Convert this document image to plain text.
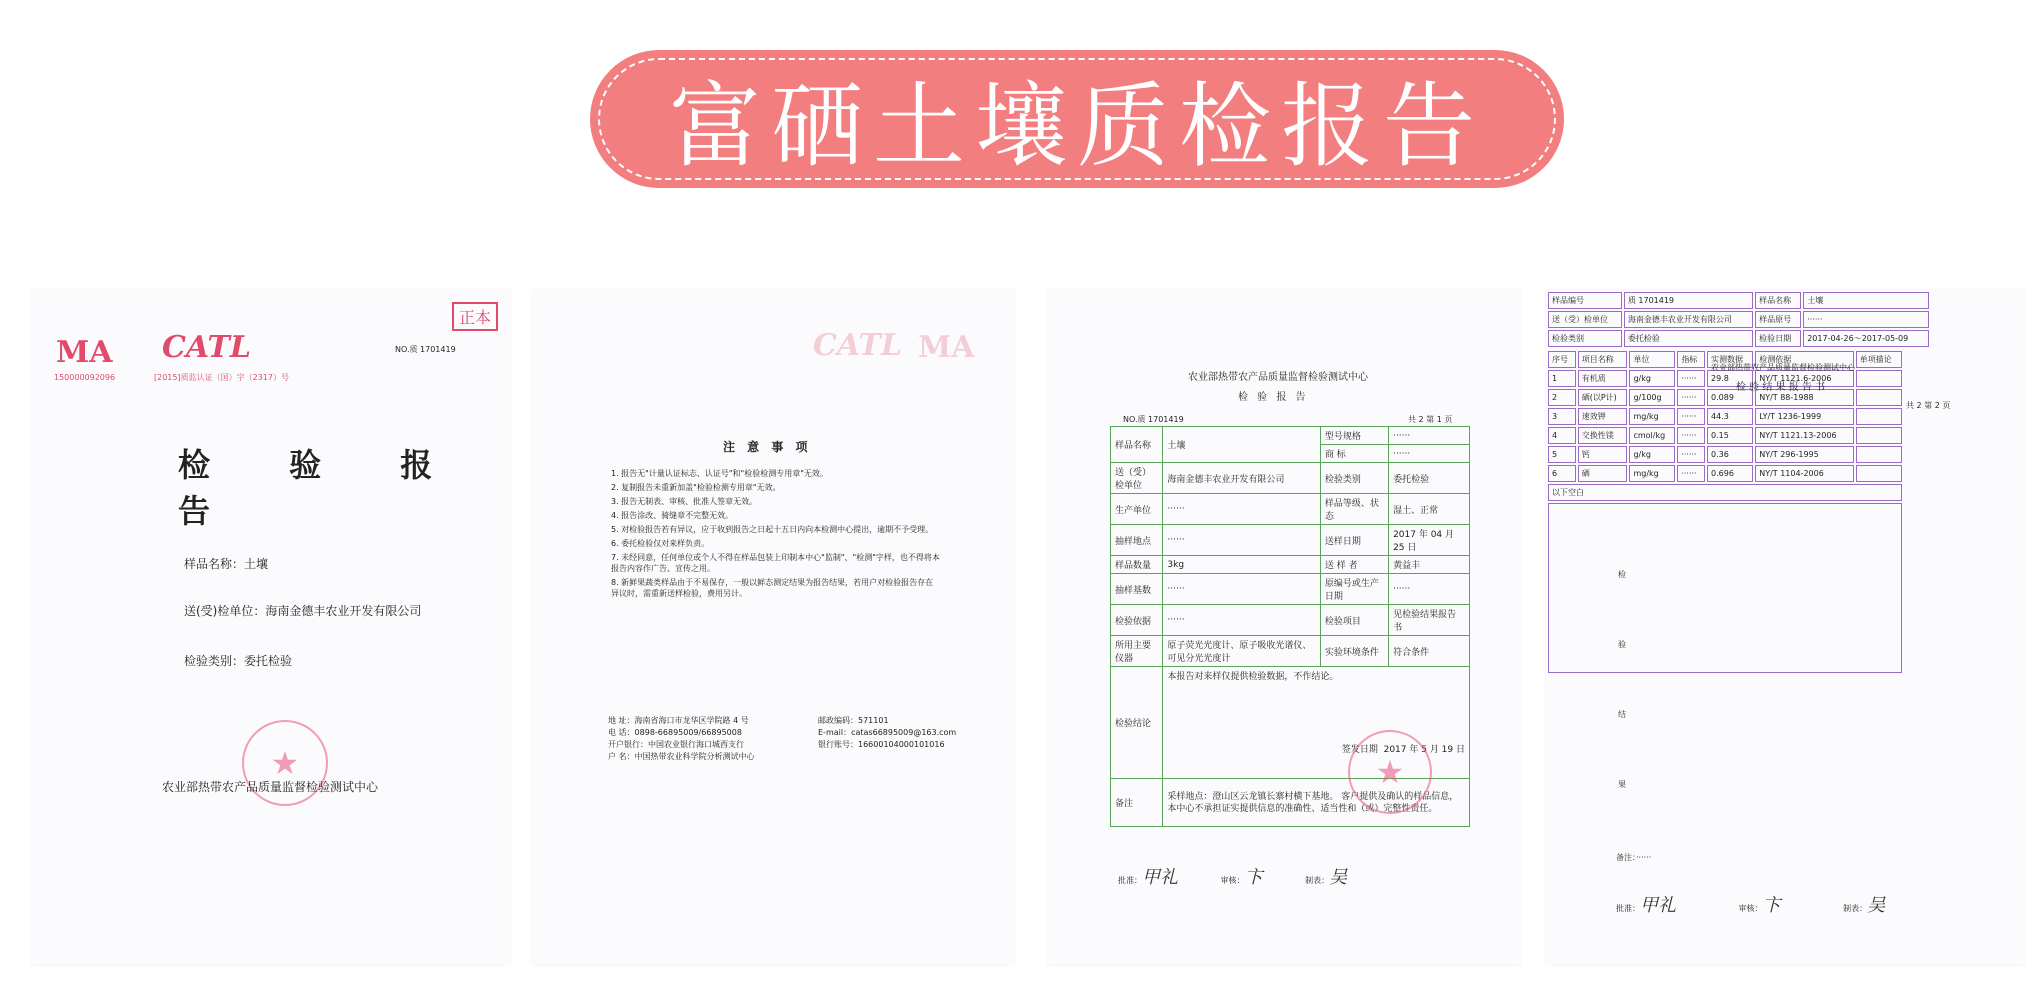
富硒土壤质检报告
正本
MA
150000092096
CATL
[2015]质监认证（国）字（2317）号
NO.质 1701419
检 验 报 告
样品名称：土壤
送(受)检单位：海南金德丰农业开发有限公司
检验类别：委托检验
★
农业部热带农产品质量监督检验测试中心
CATL MA
注 意 事 项
1. 报告无"计量认证标志、认证号"和"检验检测专用章"无效。
2. 复制报告未重新加盖"检验检测专用章"无效。
3. 报告无制表、审核、批准人签章无效。
4. 报告涂改、骑缝章不完整无效。
5. 对检验报告若有异议，应于收到报告之日起十五日内向本检测中心提出，逾期不予受理。
6. 委托检验仅对来样负责。
7. 未经同意，任何单位或个人不得在样品包装上印制本中心"监制"、"检测"字样，也不得将本报告内容作广告、宣传之用。
8. 新鲜果蔬类样品由于不易保存，一般以鲜态测定结果为报告结果，若用户对检验报告存在异议时，需重新送样检验，费用另计。
地 址：海南省海口市龙华区学院路 4 号
电 话：0898-66895009/66895008
开户银行：中国农业银行海口城西支行
户 名：中国热带农业科学院分析测试中心
邮政编码：571101
E-mail：catas66895009@163.com
银行账号：16600104000101016
农业部热带农产品质量监督检验测试中心
检 验 报 告
NO.质 1701419	共 2 第 1 页
样品名称	土壤	型号规格	······
		商 标	······
送（受）检单位	海南金德丰农业开发有限公司	检验类别	委托检验
生产单位	······	样品等级、状态	湿土、正常
抽样地点	······	送样日期	2017 年 04 月 25 日
样品数量	3kg	送 样 者	黄益丰
抽样基数	······	原编号或生产日期	······
检验依据	······	检验项目	见检验结果报告书
所用主要仪器	原子荧光光度计、原子吸收光谱仪、可见分光光度计	实验环境条件	符合条件
检验结论	本报告对来样仅提供检验数据，不作结论。
签发日期 2017 年 5 月 19 日		

备注	采样地点：澄山区云龙镇长寨村横下基地。 客户提供及确认的样品信息，本中心不承担证实提供信息的准确性、适当性和（或）完整性责任。		
★
批准：甲礼	审核：卞	制表：吴
农业部热带农产品质量监督检验测试中心
检 验 结 果 报 告 书
共 2 第 2 页
样品编号	质 1701419	样品名称	土壤
送（受）检单位	海南金德丰农业开发有限公司	样品原号	······
检验类别	委托检验	检验日期	2017-04-26～2017-05-09
检 验 结 果
序号	项目名称	单位	指标	实测数据	检测依据	单项描论
1	有机质	g/kg	······	29.8	NY/T 1121.6-2006	
2	硒(以P计)	g/100g	······	0.089	NY/T 88-1988	
3	速效钾	mg/kg	······	44.3	LY/T 1236-1999	
4	交换性镁	cmol/kg	······	0.15	NY/T 1121.13-2006	
5	钙	g/kg	······	0.36	NY/T 296-1995	
6	硒	mg/kg	······	0.696	NY/T 1104-2006	
以下空白						

备注：······
批准：甲礼	审核：卞	制表：吴
